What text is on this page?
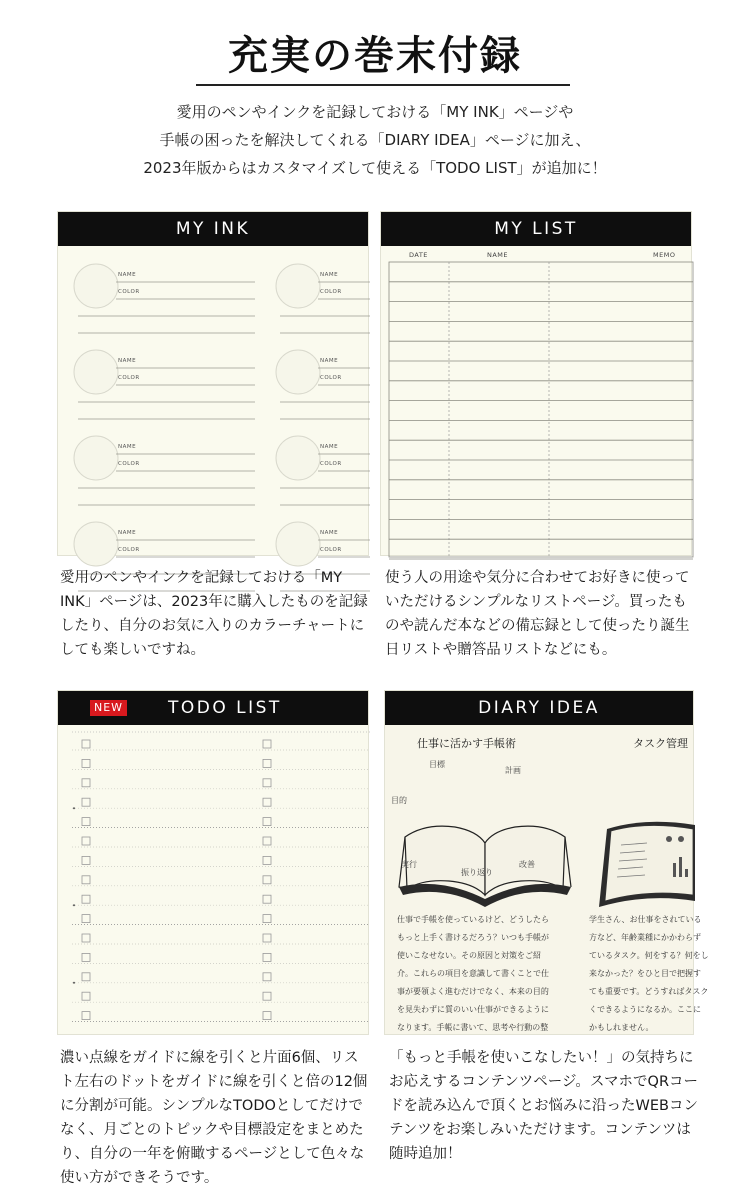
充実の巻末付録
愛用のペンやインクを記録しておける「MY INK」ページや
手帳の困ったを解決してくれる「DIARY IDEA」ページに加え、
2023年版からはカスタマイズして使える「TODO LIST」が追加に！
MY INK
NAME
COLOR
NAME
COLOR
NAME
COLOR
NAME
COLOR
NAME
COLOR
NAME
COLOR
NAME
COLOR
NAME
COLOR
愛用のペンやインクを記録しておける「MY INK」ページは、2023年に購入したものを記録したり、自分のお気に入りのカラーチャートにしても楽しいですね。
MY LIST
DATE	NAME	MEMO
使う人の用途や気分に合わせてお好きに使っていただけるシンプルなリストページ。買ったものや読んだ本などの備忘録として使ったり誕生日リストや贈答品リストなどにも。
NEW	TODO LIST
濃い点線をガイドに線を引くと片面6個、リスト左右のドットをガイドに線を引くと倍の12個に分割が可能。シンプルなTODOとしてだけでなく、月ごとのトピックや目標設定をまとめたり、自分の一年を俯瞰するページとして色々な使い方ができそうです。
DIARY IDEA
仕事に活かす手帳術	タスク管理
目標
計画
目的
実行
振り返り
改善
仕事で手帳を使っているけど、どうしたら
もっと上手く書けるだろう？いつも手帳が
使いこなせない。その原因と対策をご紹
介。これらの項目を意識して書くことで仕
事が要領よく進むだけでなく、本来の目的
を見失わずに質のいい仕事ができるように
なります。手帳に書いて、思考や行動の整
学生さん、お仕事をされている
方など、年齢業種にかかわらず
ているタスク。何をする？何をし
来なかった？をひと目で把握す
ても重要です。どうすればタスク
くできるようになるか。ここに
かもしれません。
「もっと手帳を使いこなしたい！」の気持ちにお応えするコンテンツページ。スマホでQRコードを読み込んで頂くとお悩みに沿ったWEBコンテンツをお楽しみいただけます。コンテンツは随時追加！
